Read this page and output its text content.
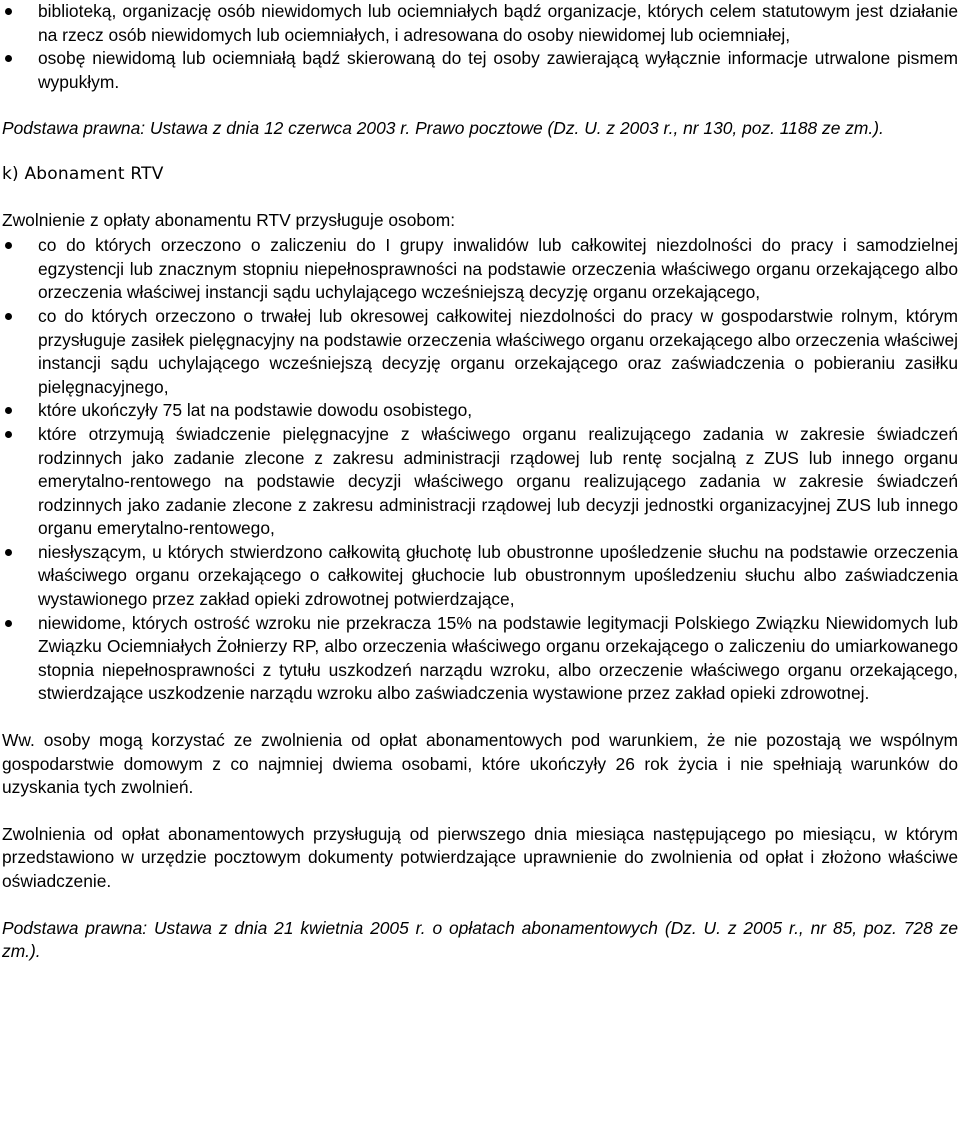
biblioteką, organizację osób niewidomych lub ociemniałych bądź organizacje, których celem statutowym jest działanie na rzecz osób niewidomych lub ociemniałych, i adresowana do osoby niewidomej lub ociemniałej,
osobę niewidomą lub ociemniałą bądź skierowaną do tej osoby zawierającą wyłącznie informacje utrwalone pismem wypukłym.

Podstawa prawna: Ustawa z dnia 12 czerwca 2003 r. Prawo pocztowe (Dz. U. z 2003 r., nr 130, poz. 1188 ze zm.).

k) Abonament RTV

Zwolnienie z opłaty abonamentu RTV przysługuje osobom:

co do których orzeczono o zaliczeniu do I grupy inwalidów lub całkowitej niezdolności do pracy i samodzielnej egzystencji lub znacznym stopniu niepełnosprawności na podstawie orzeczenia właściwego organu orzekającego albo orzeczenia właściwej instancji sądu uchylającego wcześniejszą decyzję organu orzekającego,
co do których orzeczono o trwałej lub okresowej całkowitej niezdolności do pracy w gospodarstwie rolnym, którym przysługuje zasiłek pielęgnacyjny na podstawie orzeczenia właściwego organu orzekającego albo orzeczenia właściwej instancji sądu uchylającego wcześniejszą decyzję organu orzekającego oraz zaświadczenia o pobieraniu zasiłku pielęgnacyjnego,
które ukończyły 75 lat na podstawie dowodu osobistego,
które otrzymują świadczenie pielęgnacyjne z właściwego organu realizującego zadania w zakresie świadczeń rodzinnych jako zadanie zlecone z zakresu administracji rządowej lub rentę socjalną z ZUS lub innego organu emerytalno-rentowego na podstawie decyzji właściwego organu realizującego zadania w zakresie świadczeń rodzinnych jako zadanie zlecone z zakresu administracji rządowej lub decyzji jednostki organizacyjnej ZUS lub innego organu emerytalno-rentowego,
niesłyszącym, u których stwierdzono całkowitą głuchotę lub obustronne upośledzenie słuchu na podstawie orzeczenia właściwego organu orzekającego o całkowitej głuchocie lub obustronnym upośledzeniu słuchu albo zaświadczenia wystawionego przez zakład opieki zdrowotnej potwierdzające,
niewidome, których ostrość wzroku nie przekracza 15% na podstawie legitymacji Polskiego Związku Niewidomych lub Związku Ociemniałych Żołnierzy RP, albo orzeczenia właściwego organu orzekającego o zaliczeniu do umiarkowanego stopnia niepełnosprawności z tytułu uszkodzeń narządu wzroku, albo orzeczenie właściwego organu orzekającego, stwierdzające uszkodzenie narządu wzroku albo zaświadczenia wystawione przez zakład opieki zdrowotnej.

Ww. osoby mogą korzystać ze zwolnienia od opłat abonamentowych pod warunkiem, że nie pozostają we wspólnym gospodarstwie domowym z co najmniej dwiema osobami, które ukończyły 26 rok życia i nie spełniają warunków do uzyskania tych zwolnień.

Zwolnienia od opłat abonamentowych przysługują od pierwszego dnia miesiąca następującego po miesiącu, w którym przedstawiono w urzędzie pocztowym dokumenty potwierdzające uprawnienie do zwolnienia od opłat i złożono właściwe oświadczenie.

Podstawa prawna: Ustawa z dnia 21 kwietnia 2005 r. o opłatach abonamentowych (Dz. U. z 2005 r., nr 85, poz. 728 ze zm.).
